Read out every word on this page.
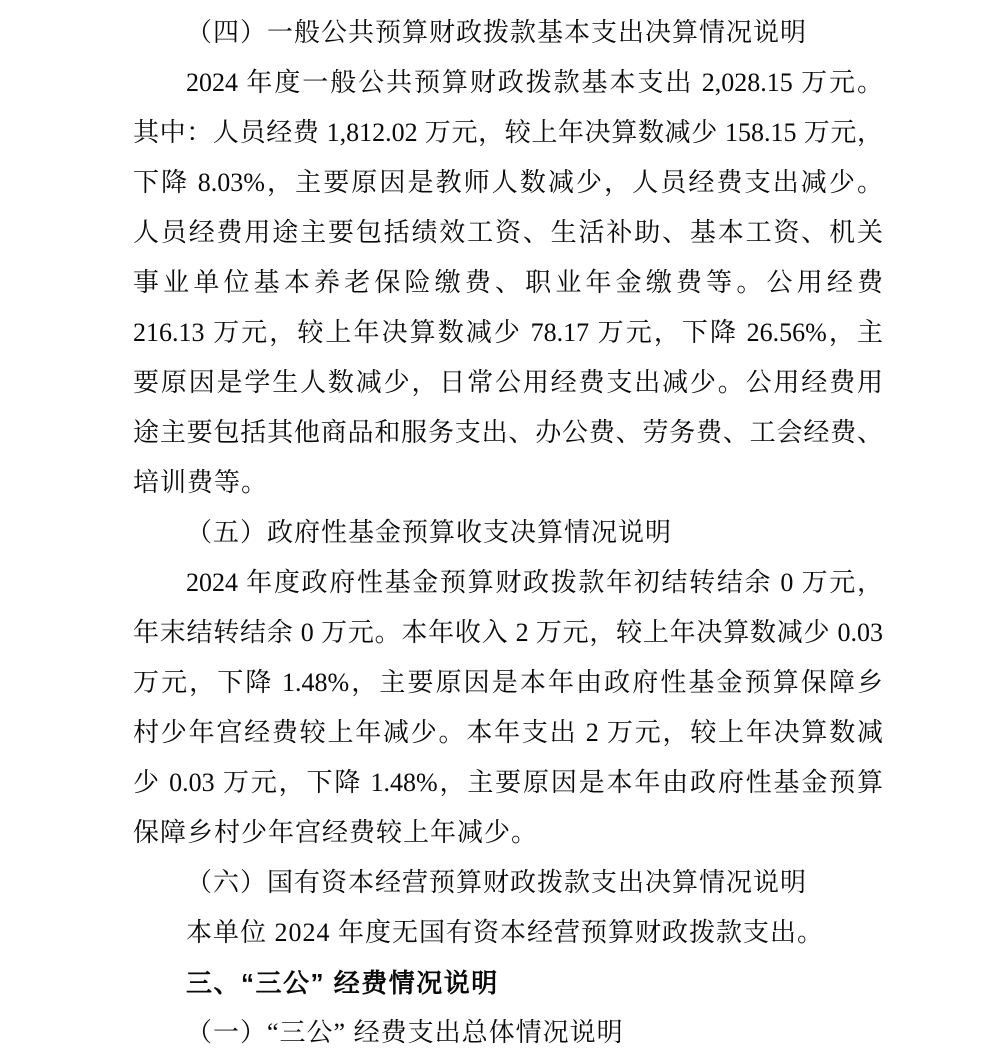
（四）一般公共预算财政拨款基本支出决算情况说明
2024 年度一般公共预算财政拨款基本支出 2,028.15 万元。
其中：人员经费 1,812.02 万元，较上年决算数减少 158.15 万元，
下降 8.03%，主要原因是教师人数减少，人员经费支出减少。
人员经费用途主要包括绩效工资、生活补助、基本工资、机关
事业单位基本养老保险缴费、职业年金缴费等。公用经费
216.13 万元，较上年决算数减少 78.17 万元，下降 26.56%，主
要原因是学生人数减少，日常公用经费支出减少。公用经费用
途主要包括其他商品和服务支出、办公费、劳务费、工会经费、
培训费等。
（五）政府性基金预算收支决算情况说明
2024 年度政府性基金预算财政拨款年初结转结余 0 万元，
年末结转结余 0 万元。本年收入 2 万元，较上年决算数减少 0.03
万元，下降 1.48%，主要原因是本年由政府性基金预算保障乡
村少年宫经费较上年减少。本年支出 2 万元，较上年决算数减
少 0.03 万元，下降 1.48%，主要原因是本年由政府性基金预算
保障乡村少年宫经费较上年减少。
（六）国有资本经营预算财政拨款支出决算情况说明
本单位 2024 年度无国有资本经营预算财政拨款支出。
三、“三公” 经费情况说明
（一）“三公” 经费支出总体情况说明
